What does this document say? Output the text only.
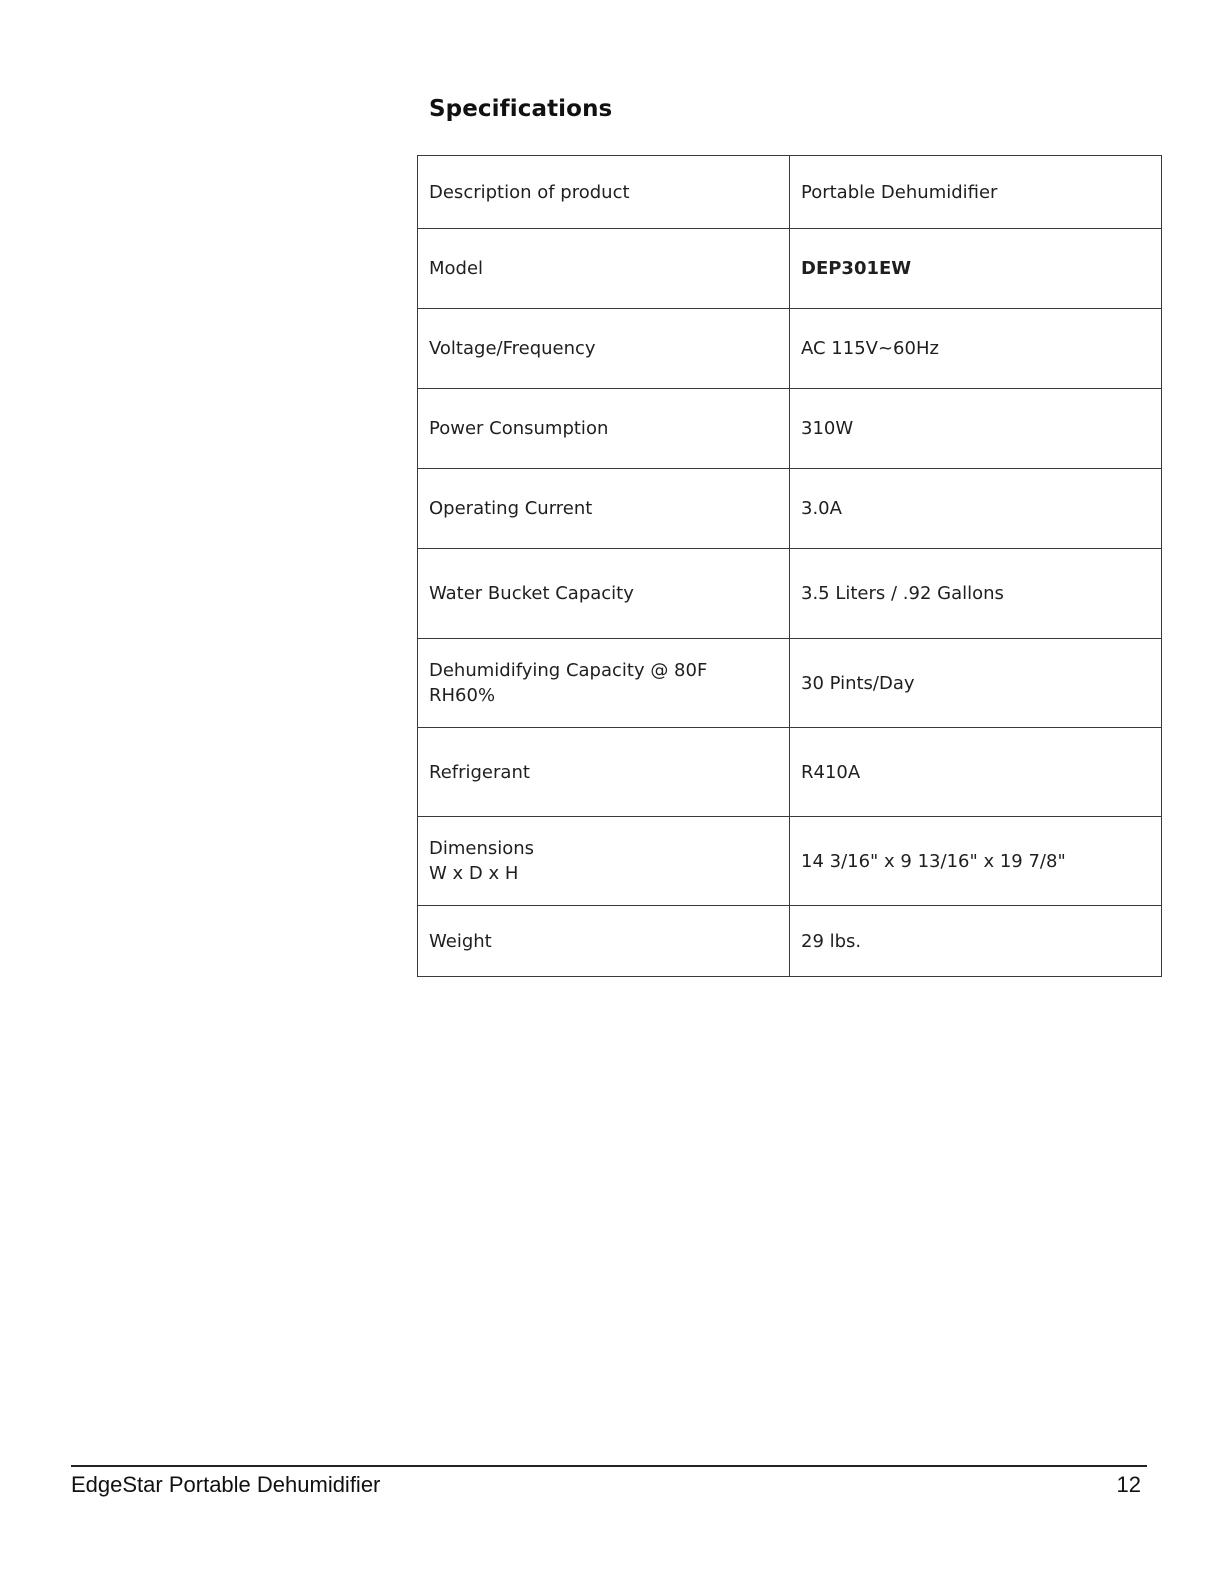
Specifications
Description of product	Portable Dehumidifier
Model	DEP301EW
Voltage/Frequency	AC 115V~60Hz
Power Consumption	310W
Operating Current	3.0A
Water Bucket Capacity	3.5 Liters / .92 Gallons
Dehumidifying Capacity @ 80F
RH60%	30 Pints/Day
Refrigerant	R410A
Dimensions
W x D x H	14 3/16" x 9 13/16" x 19 7/8"
Weight	29 lbs.
EdgeStar Portable Dehumidifier	12
